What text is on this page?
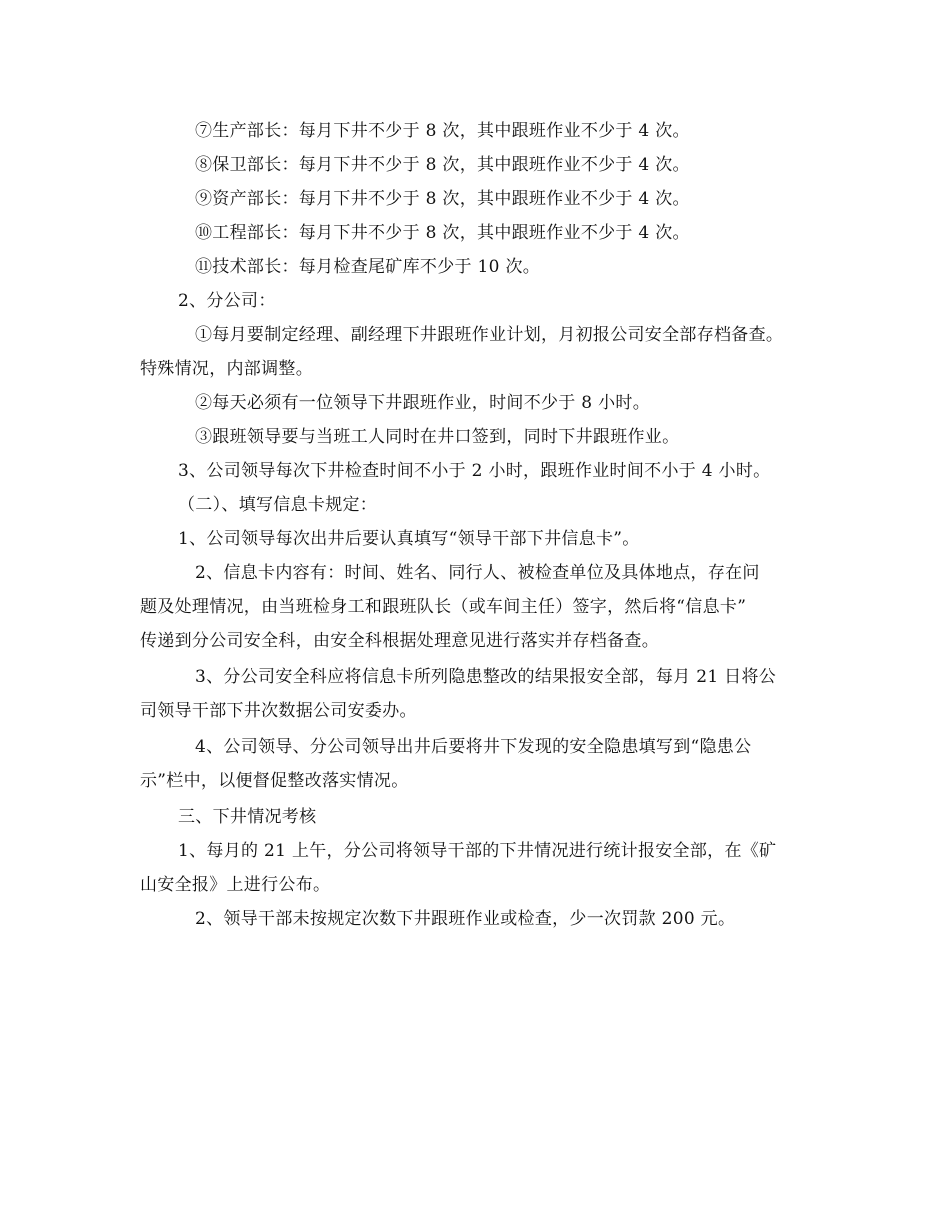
⑦生产部长：每月下井不少于 8 次，其中跟班作业不少于 4 次。
⑧保卫部长：每月下井不少于 8 次，其中跟班作业不少于 4 次。
⑨资产部长：每月下井不少于 8 次，其中跟班作业不少于 4 次。
⑩工程部长：每月下井不少于 8 次，其中跟班作业不少于 4 次。
⑪技术部长：每月检查尾矿库不少于 10 次。
2、分公司：
①每月要制定经理、副经理下井跟班作业计划，月初报公司安全部存档备查。
特殊情况，内部调整。
②每天必须有一位领导下井跟班作业，时间不少于 8 小时。
③跟班领导要与当班工人同时在井口签到，同时下井跟班作业。
3、公司领导每次下井检查时间不小于 2 小时，跟班作业时间不小于 4 小时。
（二）、填写信息卡规定：
1、公司领导每次出井后要认真填写“领导干部下井信息卡”。
2、信息卡内容有：时间、姓名、同行人、被检查单位及具体地点，存在问
题及处理情况，由当班检身工和跟班队长（或车间主任）签字，然后将“信息卡”
传递到分公司安全科，由安全科根据处理意见进行落实并存档备查。
3、分公司安全科应将信息卡所列隐患整改的结果报安全部，每月 21 日将公
司领导干部下井次数据公司安委办。
4、公司领导、分公司领导出井后要将井下发现的安全隐患填写到“隐患公
示”栏中，以便督促整改落实情况。
三、下井情况考核
1、每月的 21 上午，分公司将领导干部的下井情况进行统计报安全部，在《矿
山安全报》上进行公布。
2、领导干部未按规定次数下井跟班作业或检查，少一次罚款 200 元。
